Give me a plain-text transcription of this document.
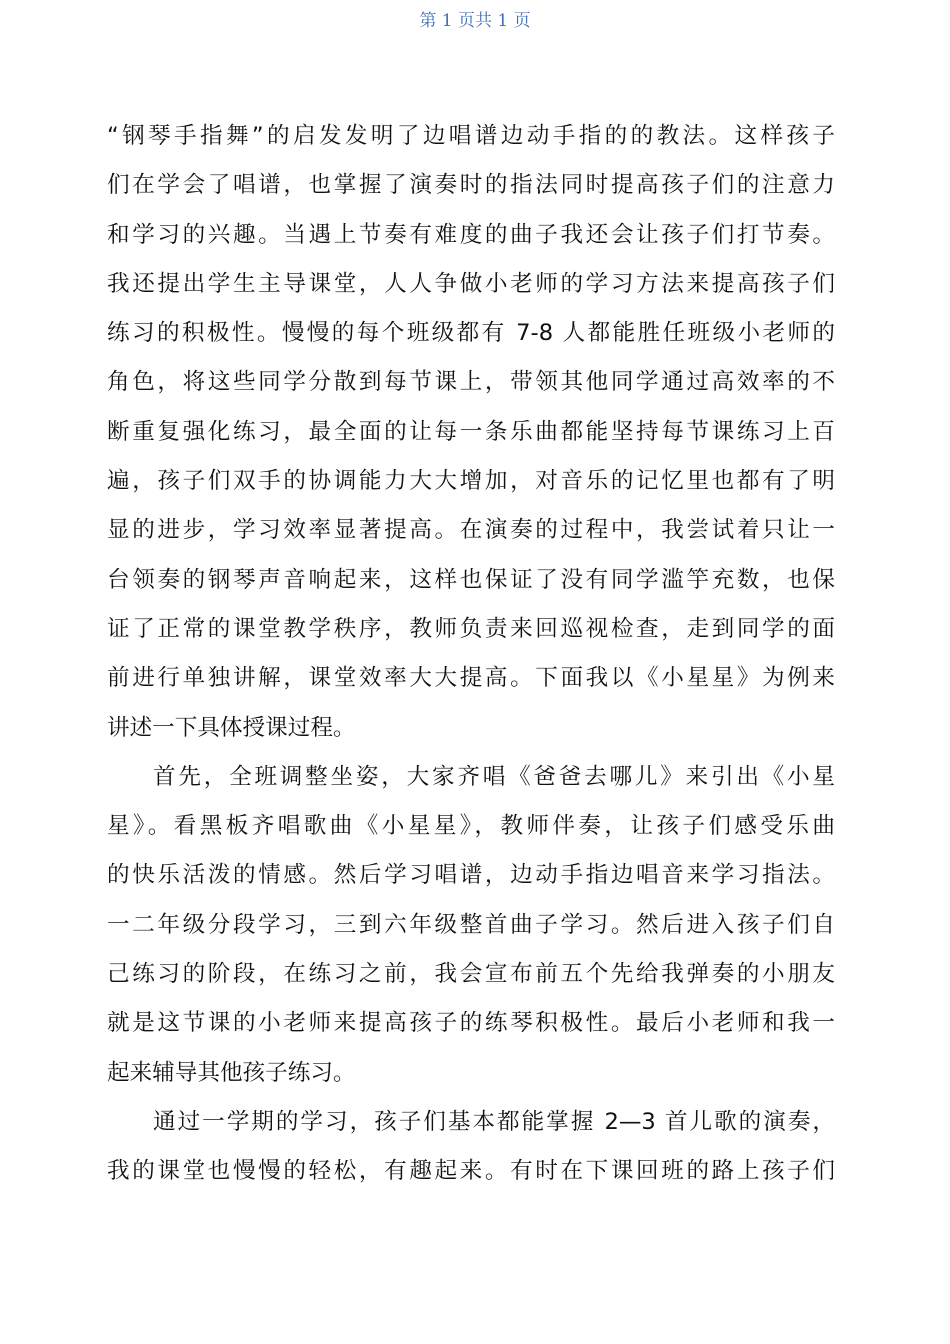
第 1 页共 1 页
“钢琴手指舞”的启发发明了边唱谱边动手指的的教法。这样孩子
们在学会了唱谱，也掌握了演奏时的指法同时提高孩子们的注意力
和学习的兴趣。当遇上节奏有难度的曲子我还会让孩子们打节奏。
我还提出学生主导课堂，人人争做小老师的学习方法来提高孩子们
练习的积极性。慢慢的每个班级都有 7-8 人都能胜任班级小老师的
角色，将这些同学分散到每节课上，带领其他同学通过高效率的不
断重复强化练习，最全面的让每一条乐曲都能坚持每节课练习上百
遍，孩子们双手的协调能力大大增加，对音乐的记忆里也都有了明
显的进步，学习效率显著提高。在演奏的过程中，我尝试着只让一
台领奏的钢琴声音响起来，这样也保证了没有同学滥竽充数，也保
证了正常的课堂教学秩序，教师负责来回巡视检查，走到同学的面
前进行单独讲解，课堂效率大大提高。下面我以《小星星》为例来
讲述一下具体授课过程。
首先，全班调整坐姿，大家齐唱《爸爸去哪儿》来引出《小星
星》。看黑板齐唱歌曲《小星星》，教师伴奏，让孩子们感受乐曲
的快乐活泼的情感。然后学习唱谱，边动手指边唱音来学习指法。
一二年级分段学习，三到六年级整首曲子学习。然后进入孩子们自
己练习的阶段，在练习之前，我会宣布前五个先给我弹奏的小朋友
就是这节课的小老师来提高孩子的练琴积极性。最后小老师和我一
起来辅导其他孩子练习。
通过一学期的学习，孩子们基本都能掌握 2—3 首儿歌的演奏，
我的课堂也慢慢的轻松，有趣起来。有时在下课回班的路上孩子们
